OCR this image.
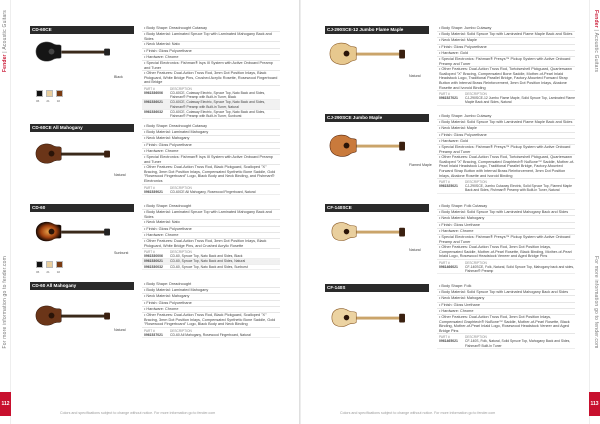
Fender | Acoustic Guitars
For more information go to fender.com
112
Fender | Acoustic Guitars
For more information go to fender.com
113
Colors and specifications subject to change without notice. For more information go to fender.com	Colors and specifications subject to change without notice. For more information go to fender.com
CD-60CE
Black
06 21 32
• Body Shape: Dreadnought Cutaway
• Body Material: Laminated Spruce Top with Laminated Mahogany Back and Sides
• Neck Material: Nato
• Finish: Gloss Polyurethane
• Hardware: Chrome
• Special Electronics: Fishman® Isys III System with Active Onboard Preamp and Tuner
• Other Features: Dual-Action Truss Rod, 3mm Dot Position Inlays, Black Pickguard, White Bridge Pins, Crushed Acrylic Rosette, Rosewood Fingerboard and Bridge
PART #	DESCRIPTION
0961536006	CD-60CE, Cutaway Electric, Spruce Top, Nato Back and Sides, Fishman® Preamp with Built-in Tuner, Black
0961536021	CD-60CE, Cutaway Electric, Spruce Top, Nato Back and Sides, Fishman® Preamp with Built-in Tuner, Natural
0961536032	CD-60CE, Cutaway Electric, Spruce Top, Nato Back and Sides, Fishman® Preamp with Built-in Tuner, Sunburst
CD-60CE All Mahogany
Natural
• Body Shape: Dreadnought Cutaway
• Body Material: Laminated Mahogany
• Neck Material: Mahogany
• Finish: Gloss Polyurethane
• Hardware: Chrome
• Special Electronics: Fishman® Isys III System with Active Onboard Preamp and Tuner
• Other Features: Dual-Action Truss Rod, Black Pickguard, Scalloped "X" Bracing, 3mm Dot Position Inlays, Compensated Synthetic Bone Saddle, Gold "Rosewood Fingerboard" Logo, Black Body and Neck Binding, and Fishman® Electronics
PART #	DESCRIPTION
0961539021	CD-60CE All Mahogany, Rosewood Fingerboard, Natural
CD-60
Sunburst
06 21 32
• Body Shape: Dreadnought
• Body Material: Laminated Spruce Top with Laminated Mahogany Back and Sides
• Neck Material: Nato
• Finish: Gloss Polyurethane
• Hardware: Chrome
• Other Features: Dual-Action Truss Rod, 3mm Dot Position Inlays, Black Pickguard, White Bridge Pins, and Crushed Acrylic Rosette
PART #	DESCRIPTION
0961530006	CD-60, Spruce Top, Nato Back and Sides, Black
0961530021	CD-60, Spruce Top, Nato Back and Sides, Natural
0961530032	CD-60, Spruce Top, Nato Back and Sides, Sunburst
CD-60 All Mahogany
Natural
• Body Shape: Dreadnought
• Body Material: Laminated Mahogany
• Neck Material: Mahogany
• Finish: Gloss Polyurethane
• Hardware: Chrome
• Other Features: Dual-Action Truss Rod, Black Pickguard, Scalloped "X" Bracing, 3mm Dot Position Inlays, Compensated Synthetic Bone Saddle, Gold "Rosewood Fingerboard" Logo, Black Body and Neck Binding
PART #	DESCRIPTION
0961537021	CD-60 All Mahogany, Rosewood Fingerboard, Natural
CJ-290SCE-12 Jumbo Flame Maple
Natural
• Body Shape: Jumbo Cutaway
• Body Material: Solid Spruce Top with Laminated Flame Maple Back and Sides
• Neck Material: Maple
• Finish: Gloss Polyurethane
• Hardware: Gold
• Special Electronics: Fishman® Presys™ Pickup System with Active Onboard Preamp and Tuner
• Other Features: Dual-Action Truss Rod, Tortoiseshell Pickguard, Quartersawn Scalloped "X" Bracing, Compensated Bone Saddle, Mother-of-Pearl Inlaid Headstock Logo, Traditional Parallel Bridge, Factory-Mounted Forward Strap Button with Internal Brass Reinforcement, 3mm Dot Position Inlays, Abalone Rosette and Ivoroid Binding
PART #	DESCRIPTION
0961527021	CJ-290SCE-12 Jumbo Flame Maple, Solid Spruce Top, Laminated Flame Maple Back and Sides, Natural
CJ-290SCE Jumbo Maple
Flamed Maple
• Body Shape: Jumbo Cutaway
• Body Material: Solid Spruce Top with Laminated Flame Maple Back and Sides
• Neck Material: Maple
• Finish: Gloss Polyurethane
• Hardware: Gold
• Special Electronics: Fishman® Presys™ Pickup System with Active Onboard Preamp and Tuner
• Other Features: Dual-Action Truss Rod, Tortoiseshell Pickguard, Quartersawn Scalloped "X" Bracing, Compensated Graphtech® NuBone™ Saddle, Mother-of-Pearl Inlaid Headstock Logo, Traditional Parallel Bridge, Factory-Mounted Forward Strap Button with Internal Brass Reinforcement, 3mm Dot Position Inlays, Abalone Rosette and Ivoroid Binding
PART #	DESCRIPTION
0961525021	CJ-290SCE, Jumbo Cutaway Electric, Solid Spruce Top, Flamed Maple Back and Sides, Fishman® Preamp with Built-In Tuner, Natural
CF-140SCE
Natural
• Body Shape: Folk Cutaway
• Body Material: Solid Spruce Top with Laminated Mahogany Back and Sides
• Neck Material: Mahogany
• Finish: Gloss Urethane
• Hardware: Chrome
• Special Electronics: Fishman® Presys™ Pickup System with Active Onboard Preamp and Tuner
• Other Features: Dual-Action Truss Rod, 3mm Dot Position Inlays, Compensated Saddle, Mother-of-Pearl Rosette, Black Binding, Mother-of-Pearl Inlaid Logo, Rosewood Headstock Veneer and Aged Bridge Pins
PART #	DESCRIPTION
0961466021	CF-140SCE, Folk, Natural, Solid Spruce Top, Mahogany back and sides, Fishman® Preamp
CF-140S	• Body Shape: Folk
• Body Material: Solid Spruce Top with Laminated Mahogany Back and Sides
• Neck Material: Mahogany
• Finish: Gloss Urethane
• Hardware: Chrome
• Other Features: Dual-Action Truss Rod, 3mm Dot Position Inlays, Compensated Graphtech® NuBone™ Saddle, Mother-of-Pearl Rosette, Black Binding, Mother-of-Pearl Inlaid Logo, Rosewood Headstock Veneer and Aged Bridge Pins
PART #	DESCRIPTION
0961465021	CF-140S, Folk, Natural, Solid Spruce Top, Mahogany Back and Sides, Fishman® Built-In Tuner
